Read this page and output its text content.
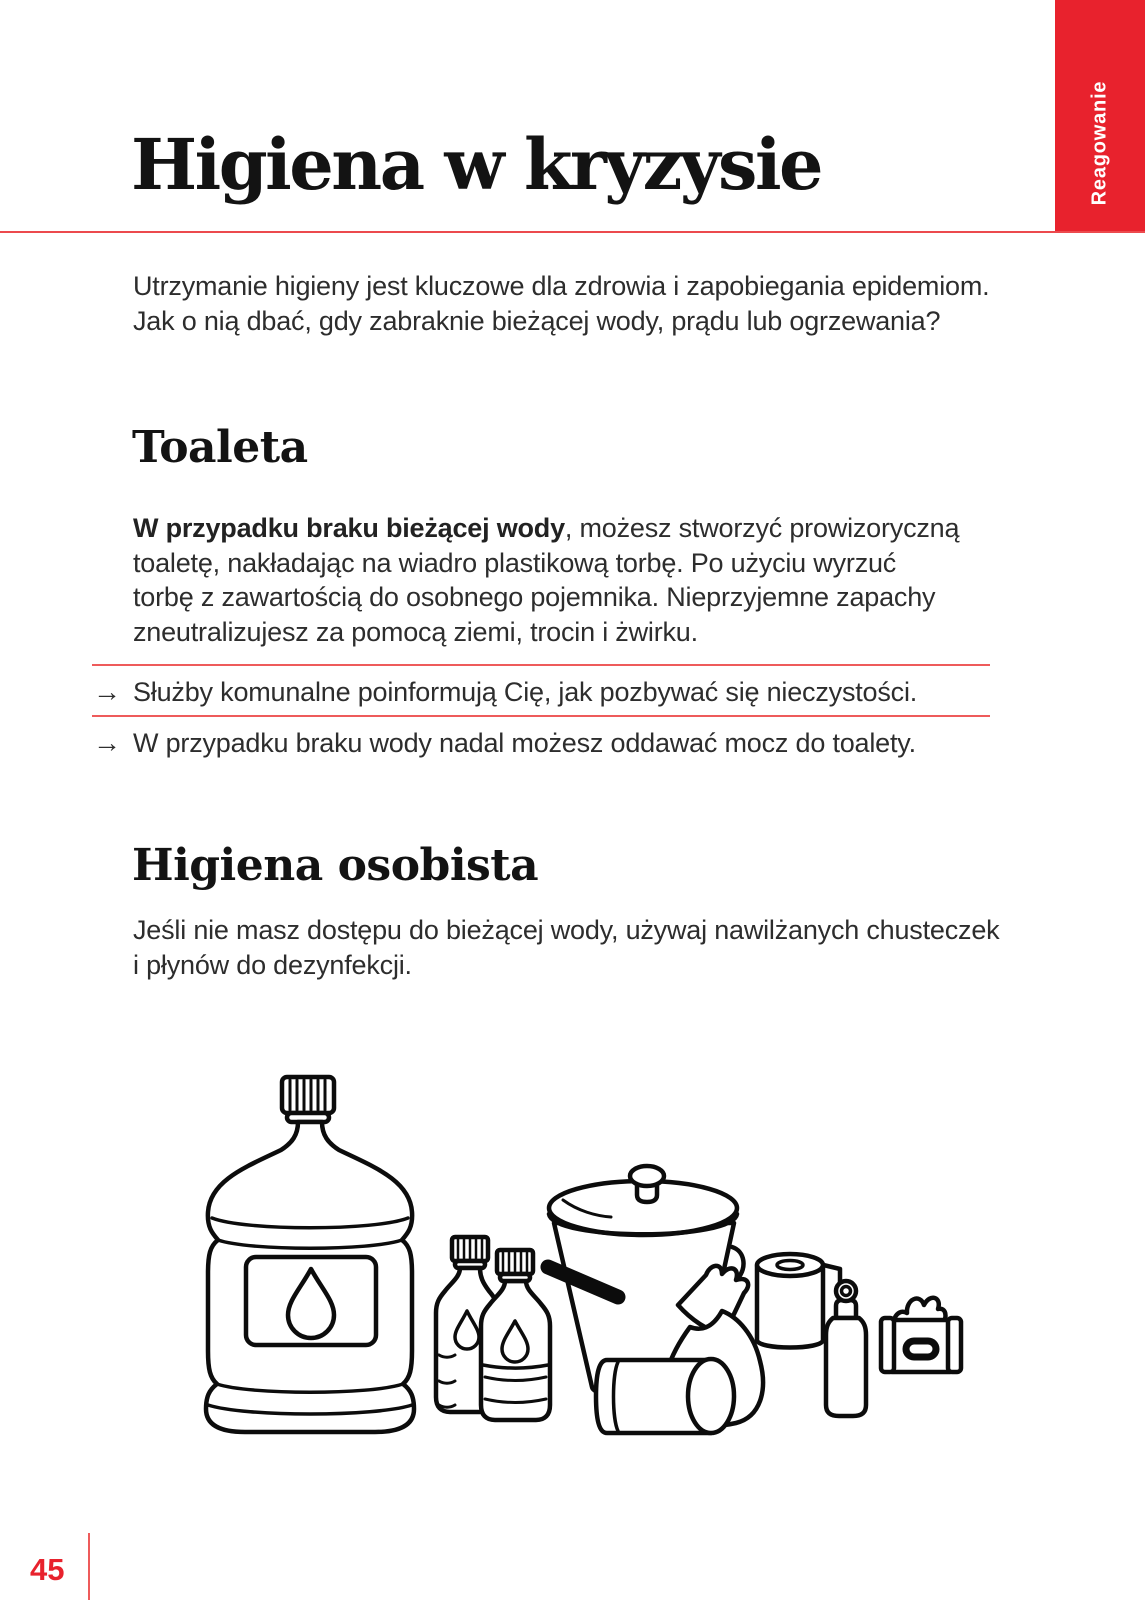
Reagowanie
Higiena w kryzysie

Utrzymanie higieny jest kluczowe dla zdrowia i zapobiegania epidemiom.
Jak o nią dbać, gdy zabraknie bieżącej wody, prądu lub ogrzewania?

Toaleta

W przypadku braku bieżącej wody, możesz stworzyć prowizoryczną
toaletę, nakładając na wiadro plastikową torbę. Po użyciu wyrzuć
torbę z zawartością do osobnego pojemnika. Nieprzyjemne zapachy
zneutralizujesz za pomocą ziemi, trocin i żwirku.

→ Służby komunalne poinformują Cię, jak pozbywać się nieczystości.
→ W przypadku braku wody nadal możesz oddawać mocz do toalety.
Higiena osobista

Jeśli nie masz dostępu do bieżącej wody, używaj nawilżanych chusteczek
i płynów do dezynfekcji.

45
